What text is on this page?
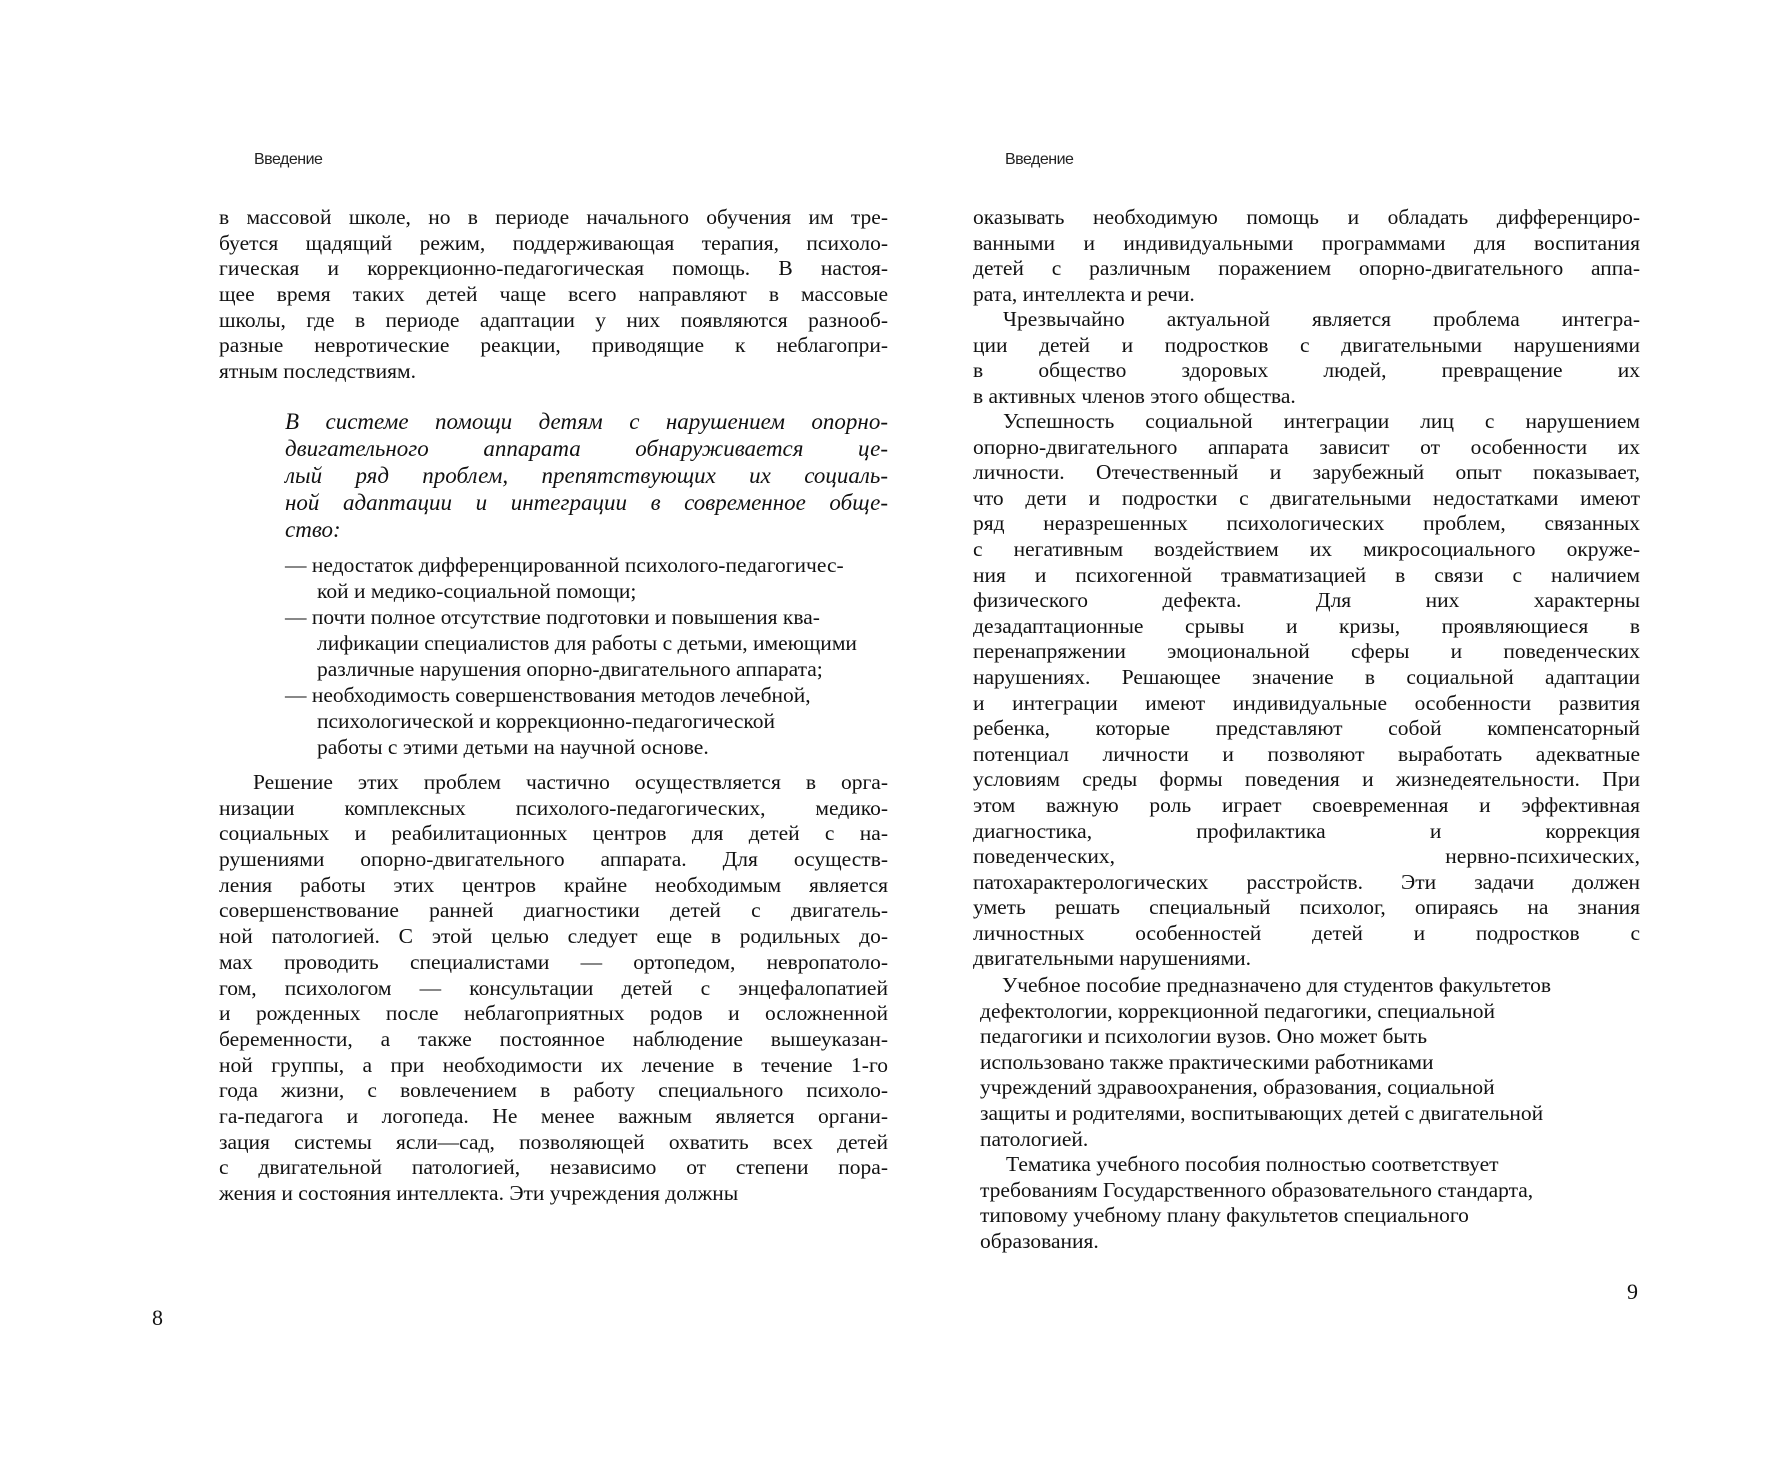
Введение	Введение
8
9
в массовой школе, но в периоде начального обучения им тре-
буется щадящий режим, поддерживающая терапия, психоло-
гическая и коррекционно-педагогическая помощь. В настоя-
щее время таких детей чаще всего направляют в массовые
школы, где в периоде адаптации у них появляются разнооб-
разные невротические реакции, приводящие к неблагопри-
ятным последствиям.
В системе помощи детям с нарушением опорно-
двигательного аппарата обнаруживается це-
лый ряд проблем, препятствующих их социаль-
ной адаптации и интеграции в современное обще-
ство:
Решение этих проблем частично осуществляется в орга-
низации комплексных психолого-педагогических, медико-
социальных и реабилитационных центров для детей с на-
рушениями опорно-двигательного аппарата. Для осуществ-
ления работы этих центров крайне необходимым является
совершенствование ранней диагностики детей с двигатель-
ной патологией. С этой целью следует еще в родильных до-
мах проводить специалистами — ортопедом, невропатоло-
гом, психологом — консультации детей с энцефалопатией
и рожденных после неблагоприятных родов и осложненной
беременности, а также постоянное наблюдение вышеуказан-
ной группы, а при необходимости их лечение в течение 1-го
года жизни, с вовлечением в работу специального психоло-
га-педагога и логопеда. Не менее важным является органи-
зация системы ясли—сад, позволяющей охватить всех детей
с двигательной патологией, независимо от степени пора-
жения и состояния интеллекта. Эти учреждения должны
оказывать необходимую помощь и обладать дифференциро-
ванными и индивидуальными программами для воспитания
детей с различным поражением опорно-двигательного аппа-
рата, интеллекта и речи.
Чрезвычайно актуальной является проблема интегра-
ции детей и подростков с двигательными нарушениями
в общество здоровых людей, превращение их
в активных членов этого общества.
Успешность социальной интеграции лиц с нарушением
опорно-двигательного аппарата зависит от особенности их
личности. Отечественный и зарубежный опыт показывает,
что дети и подростки с двигательными недостатками имеют
ряд неразрешенных психологических проблем, связанных
с негативным воздействием их микросоциального окруже-
ния и психогенной травматизацией в связи с наличием
физического дефекта. Для них характерны
дезадаптационные срывы и кризы, проявляющиеся в
перенапряжении эмоциональной сферы и поведенческих
нарушениях. Решающее значение в социальной адаптации
и интеграции имеют индивидуальные особенности развития
ребенка, которые представляют собой компенсаторный
потенциал личности и позволяют выработать адекватные
условиям среды формы поведения и жизнедеятельности. При
этом важную роль играет своевременная и эффективная
диагностика, профилактика и коррекция
поведенческих, нервно-психических,
патохарактерологических расстройств. Эти задачи должен
уметь решать специальный психолог, опираясь на знания
личностных особенностей детей и подростков с
двигательными нарушениями.
Учебное пособие предназначено для студентов факультетов
дефектологии, коррекционной педагогики, специальной
педагогики и психологии вузов. Оно может быть
использовано также практическими работниками
учреждений здравоохранения, образования, социальной
защиты и родителями, воспитывающих детей с двигательной
патологией.
Тематика учебного пособия полностью соответствует
требованиям Государственного образовательного стандарта,
типовому учебному плану факультетов специального
образования.
— недостаток дифференцированной психолого-педагогичес-
кой и медико-социальной помощи;
— почти полное отсутствие подготовки и повышения ква-
лификации специалистов для работы с детьми, имеющими
различные нарушения опорно-двигательного аппарата;
— необходимость совершенствования методов лечебной,
психологической и коррекционно-педагогической
работы с этими детьми на научной основе.
